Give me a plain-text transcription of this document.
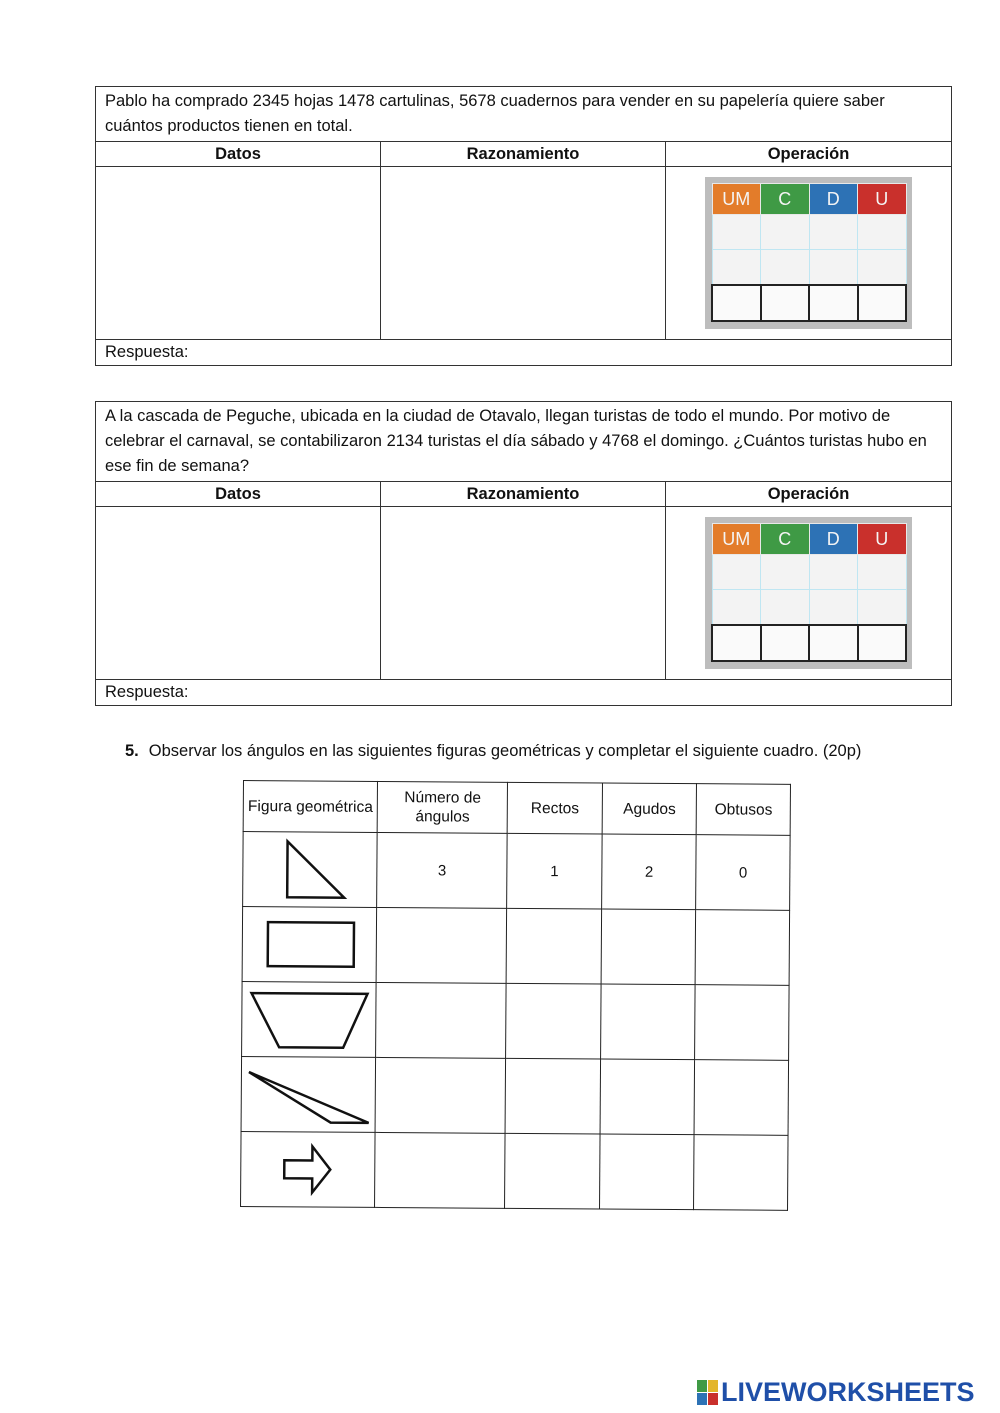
Pablo ha comprado 2345 hojas 1478 cartulinas, 5678 cuadernos para vender en su papelería quiere saber cuántos productos tienen en total.
Datos	Razonamiento	Operación

UM	C	D	U

Respuesta:
A la cascada de Peguche, ubicada en la ciudad de Otavalo, llegan turistas de todo el mundo. Por motivo de celebrar el carnaval, se contabilizaron 2134 turistas el día sábado y 4768 el domingo. ¿Cuántos turistas hubo en ese fin de semana?
Datos	Razonamiento	Operación

UM	C	D	U

Respuesta:
5. Observar los ángulos en las siguientes figuras geométricas y completar el siguiente cuadro. (20p)
Figura geométrica	Número de ángulos	Rectos	Agudos	Obtusos

	3	1	2	0

LIVEWORKSHEETS
